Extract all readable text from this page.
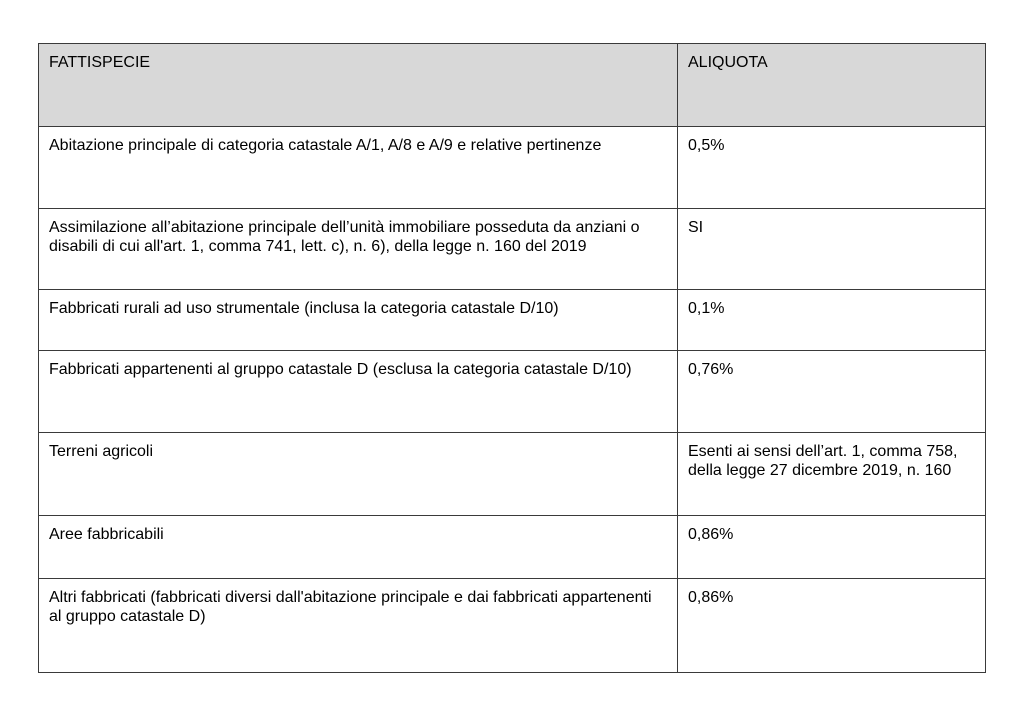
FATTISPECIE	ALIQUOTA
Abitazione principale di categoria catastale A/1, A/8 e A/9 e relative pertinenze	0,5%
Assimilazione all’abitazione principale dell’unità immobiliare posseduta da anziani o disabili di cui all'art. 1, comma 741, lett. c), n. 6), della legge n. 160 del 2019	SI
Fabbricati rurali ad uso strumentale (inclusa la categoria catastale D/10)	0,1%
Fabbricati appartenenti al gruppo catastale D (esclusa la categoria catastale D/10)	0,76%
Terreni agricoli	Esenti ai sensi dell’art. 1, comma 758, della legge 27 dicembre 2019, n. 160
Aree fabbricabili	0,86%
Altri fabbricati (fabbricati diversi dall'abitazione principale e dai fabbricati appartenenti al gruppo catastale D)	0,86%
